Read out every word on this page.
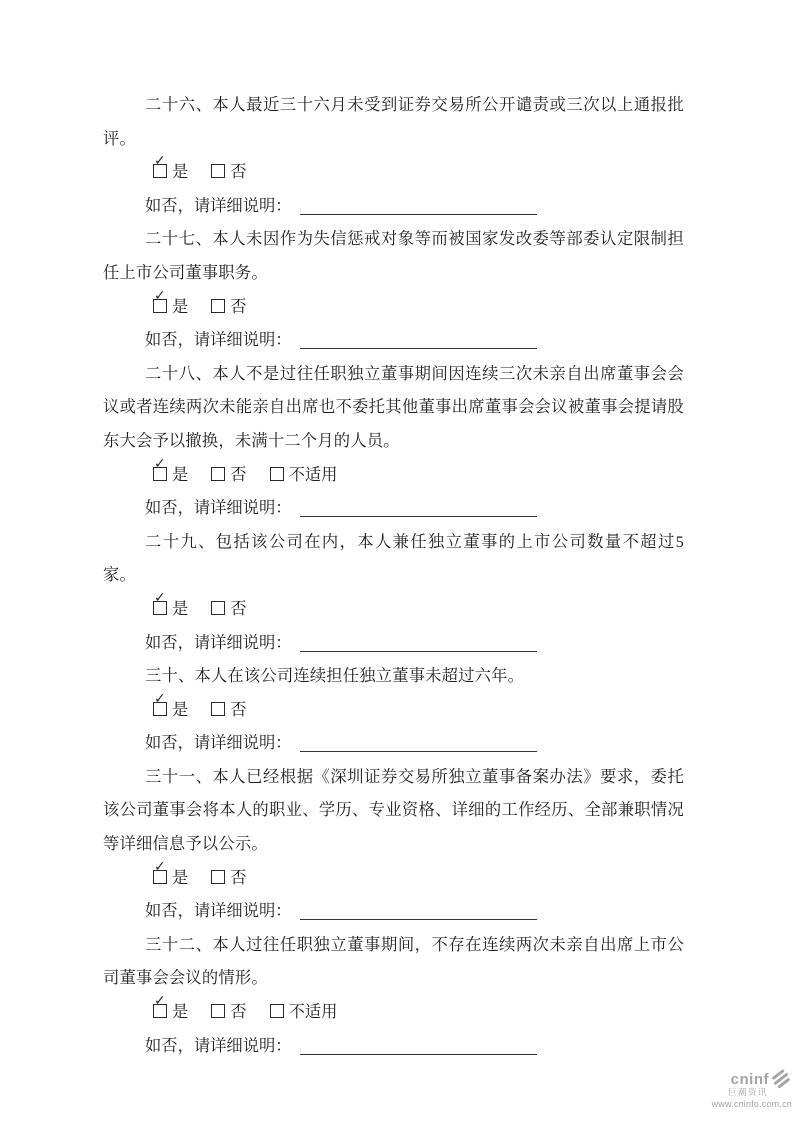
二十六、本人最近三十六月未受到证券交易所公开谴责或三次以上通报批评。

✓是	否
如否，请详细说明：

二十七、本人未因作为失信惩戒对象等而被国家发改委等部委认定限制担任上市公司董事职务。

✓是	否
如否，请详细说明：

二十八、本人不是过往任职独立董事期间因连续三次未亲自出席董事会会议或者连续两次未能亲自出席也不委托其他董事出席董事会会议被董事会提请股东大会予以撤换，未满十二个月的人员。

✓是	否	不适用
如否，请详细说明：

二十九、包括该公司在内，本人兼任独立董事的上市公司数量不超过5 家。

✓是	否
如否，请详细说明：

三十、本人在该公司连续担任独立董事未超过六年。

✓是	否
如否，请详细说明：

三十一、本人已经根据《深圳证券交易所独立董事备案办法》要求，委托该公司董事会将本人的职业、学历、专业资格、详细的工作经历、全部兼职情况等详细信息予以公示。

✓是	否
如否，请详细说明：

三十二、本人过往任职独立董事期间，不存在连续两次未亲自出席上市公司董事会会议的情形。

✓是	否	不适用
如否，请详细说明：
cninf
巨潮资讯
www.cninfo.com.cn
